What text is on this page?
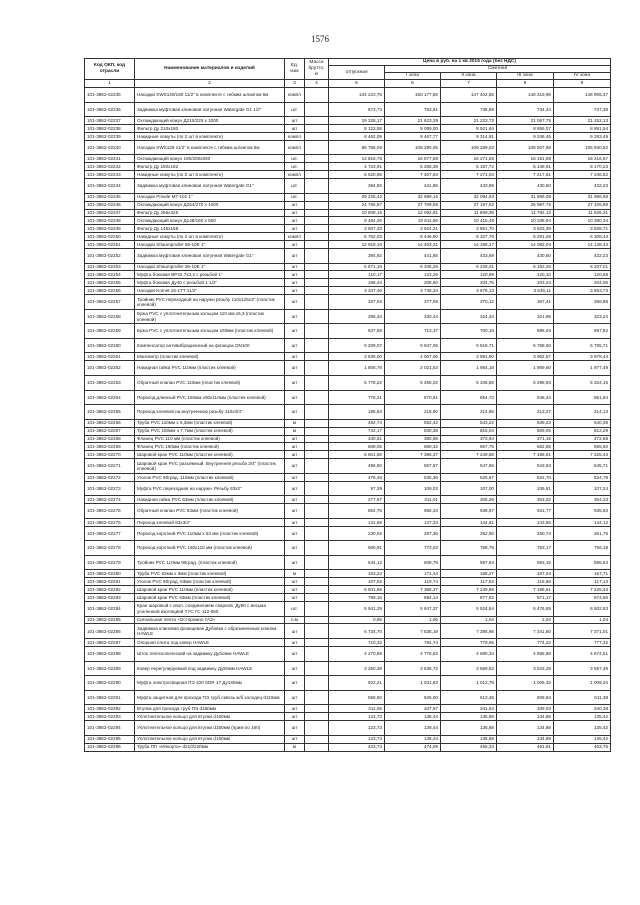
1576
Код ОКП, код отрасли	Наименование материалов и изделий	Ед. изм	Масса брутто, кг	Цена в руб. на 1 кв 2015 года (без НДС)				
				отпускная	Сметная			
					I зона	II зона	III зона	IV зона
1	2	3	4	5	6	7	8	9
101-3862-02235	Насадки SWS140/160 11/2" в комплекте с гибким шлангом 5м	компл		134 223,75	150 177,56	147 402,55	146 319,96	146 905,37
101-3862-02236	Задвижка муфтовая клиновая латунная Watergate G1 1/2"	шт.		673,73	753,81	738,69	734,44	737,38
101-3862-02237	Охлаждающий кожух Д210/225 х 1000	шт		19 326,17	21 623,28	21 223,72	21 067,75	21 152,13
101-3862-02238	Фильтр Ду 210х180	шт		8 123,58	9 089,00	8 921,64	8 856,07	8 891,54
101-3862-02239	Накидные хомуты (по 2 шт в комплекте)	компл		8 462,09	9 467,77	9 314,91	9 246,45	9 283,49
101-3862-02240	Насадки SWS139 11/2" в комплекте с гибким шлангом 5м	компл		96 786,06	108 290,05	106 289,03	105 507,98	105 930,52
101-3862-02241	Охлаждающий кожух 180/200х830	шт.		14 816,76	16 577,88	16 271,55	16 151,98	16 216,67
101-3862-02242	Фильтр Ду 180х182	шт.		4 723,91	5 285,39	5 187,72	5 149,61	5 170,23
101-3862-02243	Накидные хомуты (по 2 шт в комплекте)	компл		6 620,96	7 407,93	7 271,04	7 217,61	7 246,52
101-3862-02244	Задвижка муфтовая клиновая латунная Watergate G1"	шт.		394,92	441,85	433,69	430,50	432,23
101-3862-02245	Насадки Prowle M7-101 1"	шт.		29 225,42	32 699,16	32 094,93	31 859,08	31 986,68
101-3862-02246	Охлаждающий кожух Д254/270 х 1000	шт		24 765,97	27 709,65	27 197,62	26 997,76	27 105,89
101-3862-02247	Фильтр Ду 256х325	шт		10 808,15	12 092,81	11 869,35	11 782,13	11 829,31
101-3862-02248	Охлаждающий кожух Д148/160 х 550	шт		9 484,26	10 611,56	10 415,48	10 338,94	10 380,34
101-3862-02249	Фильтр Ду 145х158	шт		3 507,33	3 924,21	3 851,70	3 823,39	3 838,71
101-3862-02250	Накидные хомуты (по 2 шт в комплекте)	компл		5 762,03	6 446,90	6 327,76	6 281,26	6 306,43
101-3862-02251	Насадки Shaumpruller 55-10E 1"	шт		12 918,10	14 453,31	14 186,27	14 082,04	14 138,43
101-3862-02252	Задвижка муфтовая клиновая латунная Watergate G1"	шт		394,92	441,85	433,69	430,50	432,23
101-3862-02253	Насадки Shaumpruller 35-10E 1"	шт		5 671,19	6 345,28	6 228,01	6 182,25	6 207,01
101-3862-02254	Муфта боковая BP32.7х3,2 с резьбой 1"	шт		110,17	123,26	120,99	120,10	120,58
101-3862-02255	Муфта боковая Ду40 с резьбой 1 1/2"	шт		186,44	208,60	204,75	203,24	204,06
101-3862-02256	Насадки Komet 15-1TT 11/2"	шт		3 347,46	3 745,34	3 676,13	3 649,11	3 663,73
101-3862-02257	Тройник PVC переходной на наружн резьбу 110х125х3" (пластик клеевой)	шт		337,03	377,09	370,12	367,41	368,88
101-3862-02258	Бужа PVC с уплотнительным кольцом 110 мм х5,3 (пластик клеевой)	шт		295,34	330,44	324,34	321,95	323,24
101-3862-02259	Бужа PVC с уплотнительным кольцом 160мм (пластик клеевой)	шт		637,58	713,37	700,19	695,04	697,82
101-3862-02260	Компенсатор антивибрационный на фланцах DN100	шт		6 209,07	6 947,06	6 818,71	6 768,60	6 795,71
101-3862-02261	Манометр (пластик клеевой)	шт		3 635,00	4 067,06	3 991,90	3 962,57	3 978,44
101-3862-02262	Накидная гайка PVC 110мм (пластик клеевой)	шт		1 806,78	2 021,53	1 984,18	1 969,60	1 977,49
101-3862-02263	Обратный клапан PVC 110мм (пластик клеевой)	шт		5 778,22	6 465,02	6 345,56	6 298,93	6 324,15
101-3862-02264	Переход длинный PVC 160мм х90х110мм (пластик клеевой)	шт		778,31	870,81	854,72	848,44	851,84
101-3862-02265	Переход клеевой на внутреннюю резьбу 110х3/4"	шт		195,64	218,90	214,85	213,27	214,13
101-3862-02266	Труба PVC 110мм х 5,3мм (пластик клеевой)	м		492,74	552,42	543,22	539,23	540,39
101-3862-02267	Труба PVC 160мм х 7,7мм (пластик клеевой)	м		742,17	830,38	815,04	809,05	812,29
101-3862-02268	Фланец PVC 110 мм (пластик клеевой)	шт		340,51	380,98	373,94	371,19	372,68
101-3862-02269	Фланец PVC 160мм (пластик клеевой)	шт		608,05	680,32	667,75	662,85	665,50
101-3862-02270	Шаровой кран PVC 110мм (пластик клеевой)	шт		6 601,68	7 386,37	7 249,88	7 196,61	7 225,43
101-3862-02271	Шаровой кран PVC разъёмный. Внутренняя резьба 3/4" (пластик клеевой)	шт		496,60	567,87	547,56	543,53	545,71
101-3862-02272	Уголок PVC 90град. 110мм (пластик клеевой)	шт		478,49	535,36	525,67	522,70	524,79
101-3862-02273	Муфта PVC переходная на наружн. Резьбу 63х2"	шт		97,39	109,03	107,00	106,81	107,24
101-3862-02274	Накидная гайка PVC 63мм (пластик клеевой)	шт		277,97	311,01	305,26	303,02	304,23
101-3862-02275	Обратный клапан PVC 63мм (пластик клеевой)	шт		854,75	956,34	938,67	931,77	935,50
101-3862-02276	Переход клеевой 63х3/4"	шт		131,68	147,33	144,61	143,55	144,12
101-3862-02277	Переход короткий PVC 110мм х 63 мм (пластик клеевой)	шт		230,02	257,36	252,60	250,74	251,75
101-3862-02278	Переход короткий PVC 160х110 мм (пластик клеевой)	шт		690,91	773,03	758,75	753,17	756,19
101-3862-02279	Тройник PVC 110мм 90град. (пластик клеевой)	шт		544,12	608,79	597,54	593,15	595,53
101-3862-02280	Труба PVC 63мм х 3мм (пластик клеевой)	м		153,23	171,44	168,27	167,04	167,71
101-3862-02281	Уголок PVC 90град. 63мм (пластик клеевой)	шт		107,02	119,74	117,52	116,66	117,13
101-3862-02282	Шаровой кран PVC 110мм (пластик клеевой)	шт		6 601,68	7 386,37	7 249,88	7 196,61	7 225,43
101-3862-02283	Шаровой кран PVC 63мм (пластик клеевой)	шт		799,15	894,14	877,62	871,17	874,66
101-3862-02284	Кран шаровый с изол. соединением сварной, Ду50 с весьма усиленной изоляцией ТУС ГС 112-050	шт.		5 941,29	6 647,37	6 524,54	6 476,59	6 502,53
101-3862-02285	Сигнальная лента «Осторожно ГАЗ»	п.м		0,95	1,06	1,04	1,04	1,04
101-3862-02286	Задвижка клиновая фланцевая Дубовки с обрезиненным клином HAWLE	шт		6 734,70	7 535,19	7 395,95	7 341,60	7 371,01
101-3862-02287	Опорная плита под ковер HAWLE	шт		710,32	794,74	779,95	774,22	777,32
101-3862-02288	Шток телескопический на задвижку Дубовки HAWLE	шт		4 270,89	4 778,63	4 690,33	4 655,86	4 674,51
101-3862-02289	Ковер нерегулируемый под задвижку Ду50мм HAWLE	шт		3 250,38	3 636,72	3 569,52	3 543,29	3 557,48
101-3862-02290	Муфта электросварная ПЭ 100 SDR 17 Ду160мм	шт		922,21	1 031,83	1 012,78	1 005,32	1 009,34
101-3862-02291	Муфта защитная для прохода ПЭ труб сквозь ж/б колодец d110мм	шт		558,60	625,00	613,45	608,94	611,38
101-3862-02292	Втулка для прохода труб ПЭ d160мм	шт		311,05	347,97	341,54	339,03	340,38
101-3862-02293	Уплотнительное кольцо для втулки d160мм	шт		123,73	138,44	135,88	134,88	135,42
101-3862-02294	Уплотнительное кольцо для втулки d160мм (прим по 160)	шт		123,73	138,44	135,88	134,88	135,42
101-3862-02295	Уплотнительное кольцо для втулки d160мм	шт		123,73	138,44	135,88	134,88	135,42
101-3862-02296	Труба ПП «Инкорта» d210/220мм	м		423,73	474,09	465,33	461,91	463,76
